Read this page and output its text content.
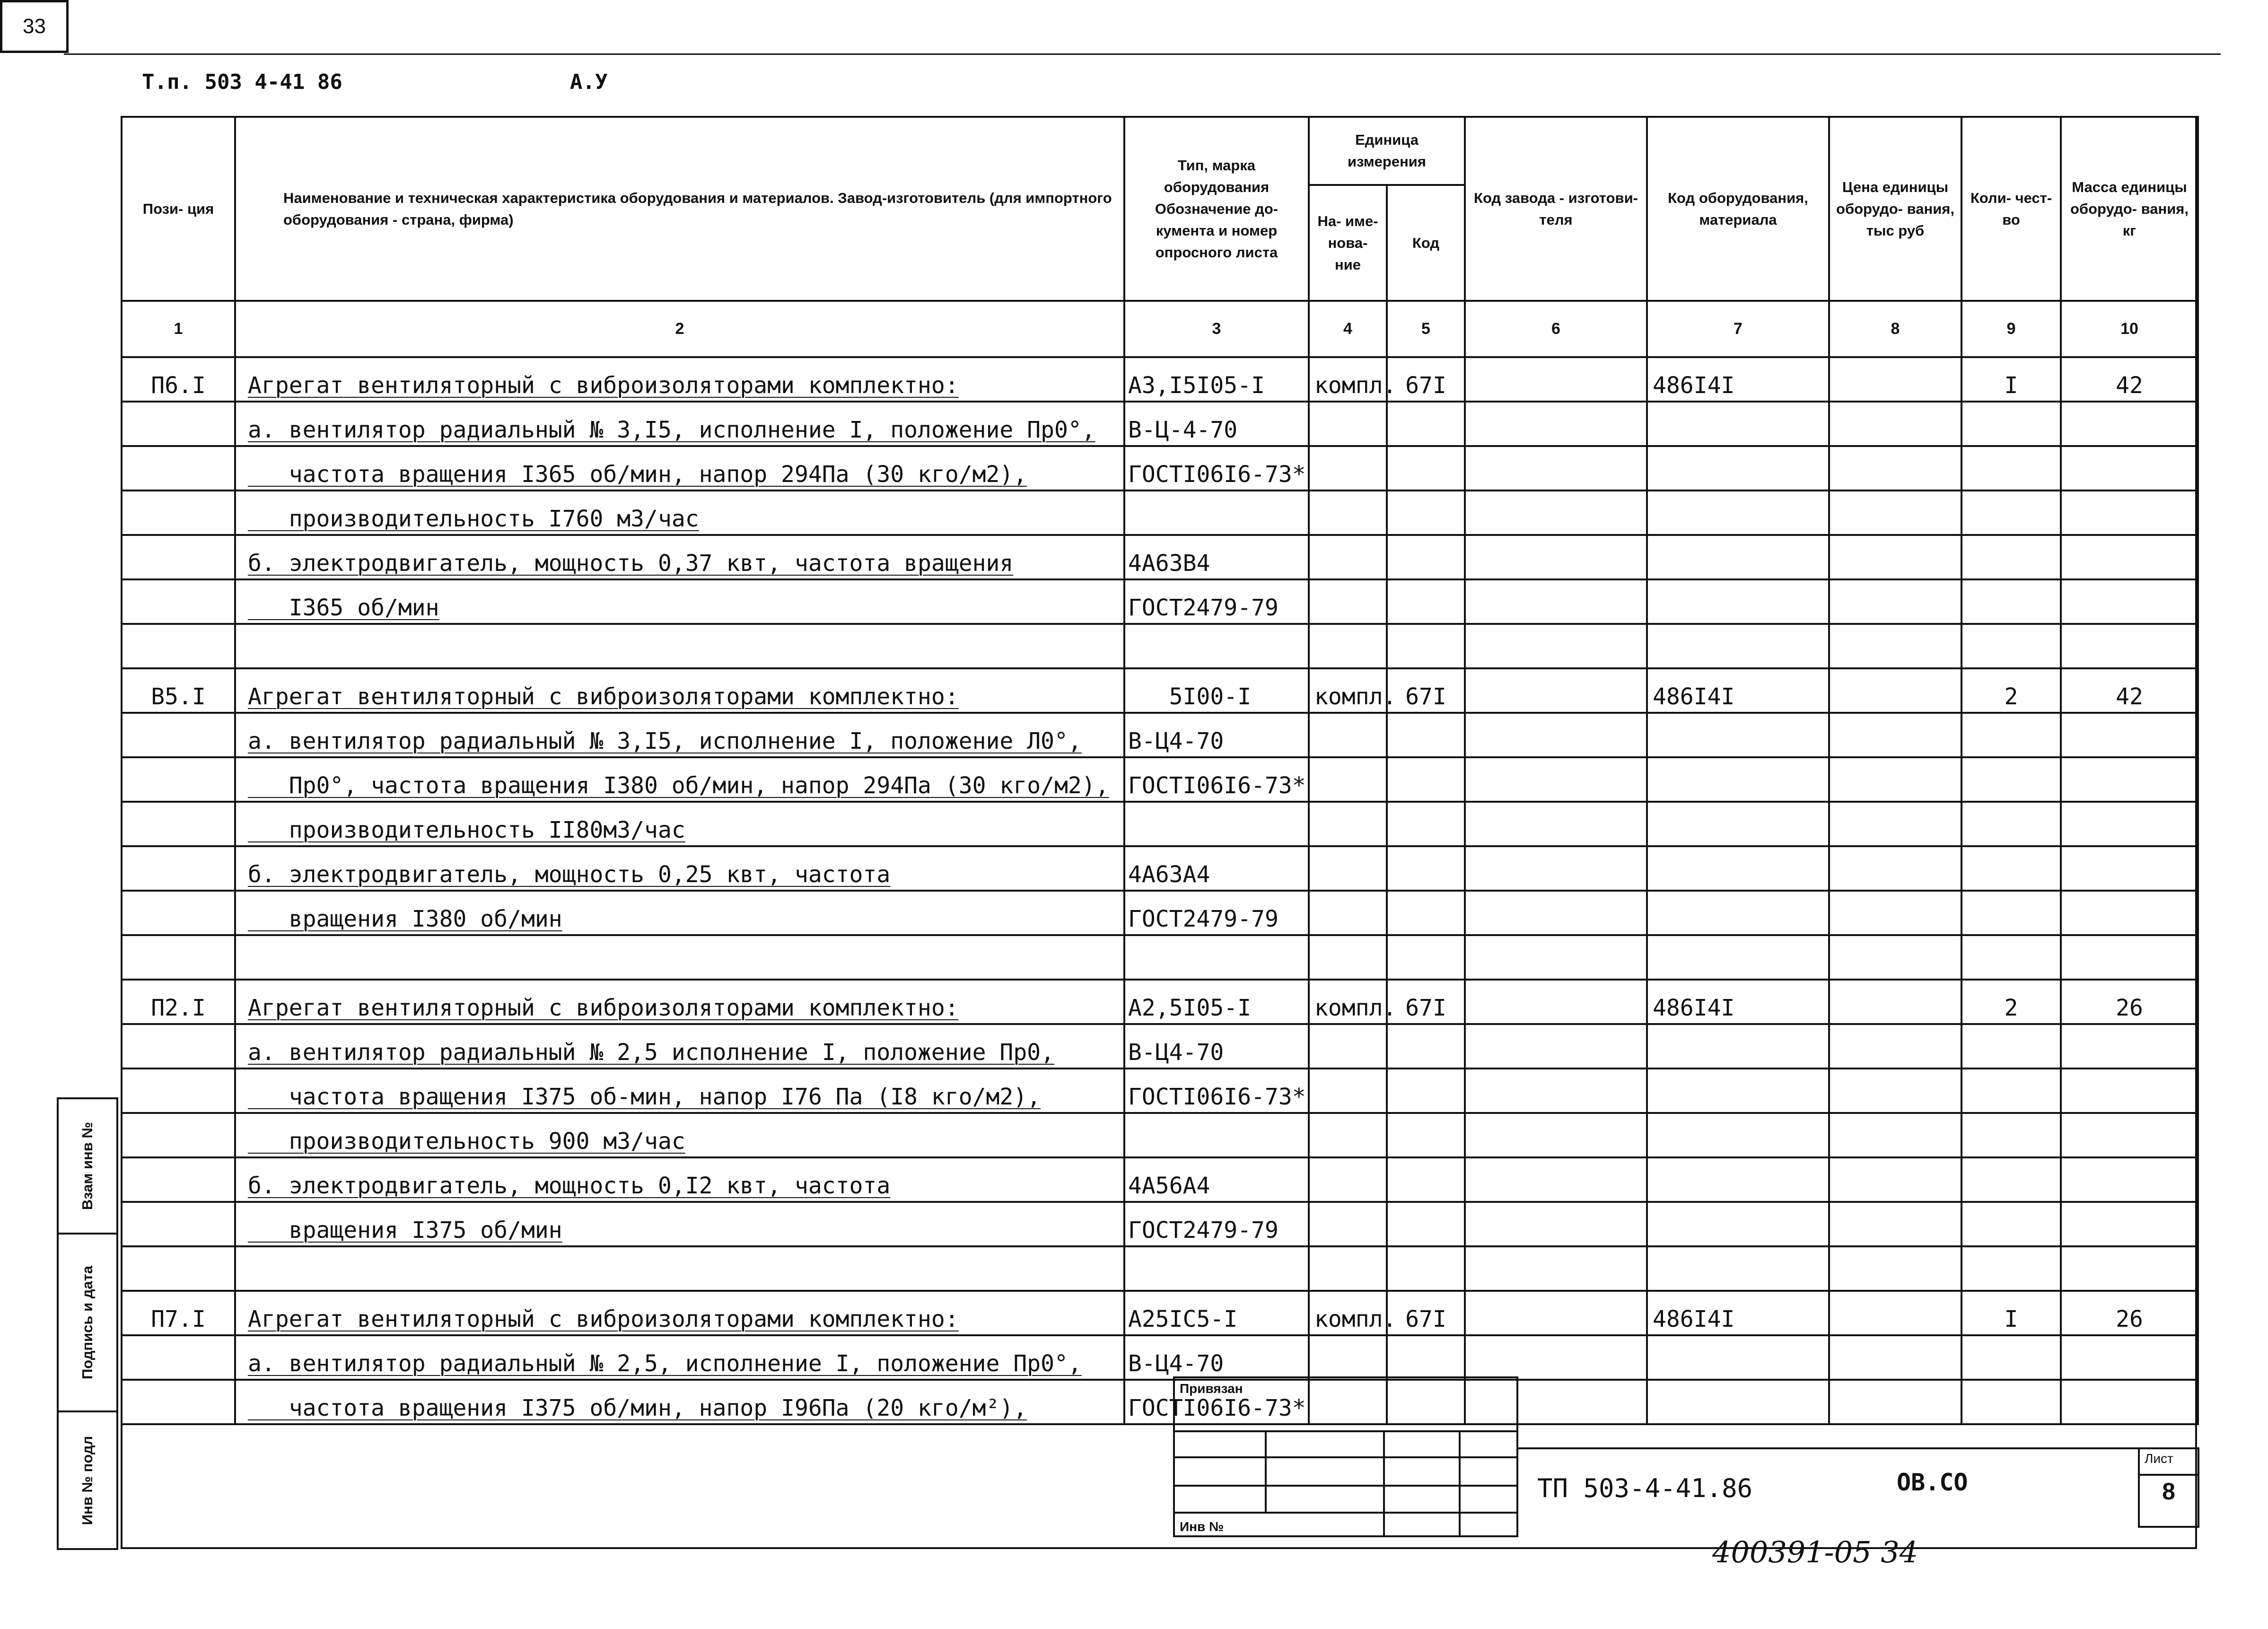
Т.п. 503 4-41 86	А.У
33
Пози- ция	Наименование и техническая характеристика оборудования и материалов. Завод-изготовитель (для импортного оборудования - страна, фирма)	Тип, марка оборудования Обозначение до- кумента и номер опросного листа	Единица измерения		Код завода - изготови- теля	Код оборудования, материала	Цена единицы оборудо- вания, тыс руб	Коли- чест- во	Масса единицы оборудо- вания, кг
			На- име- нова- ние	Код					
1	2	3	4	5	6	7	8	9	10
П6.I	Агрегат вентиляторный с виброизоляторами комплектно:	А3,I5I05-I	компл.	67I		486I4I		I	42
	а. вентилятор радиальный № 3,I5, исполнение I, положение Пр0°,	В-Ц-4-70							
	частота вращения I365 об/мин, напор 294Па (30 кго/м2),	ГОСТI06I6-73*							
	производительность I760 м3/час								
	б. электродвигатель, мощность 0,37 квт, частота вращения	4А63В4							
	I365 об/мин	ГОСТ2479-79							

В5.I	Агрегат вентиляторный с виброизоляторами комплектно:	5I00-I	компл.	67I		486I4I		2	42
	а. вентилятор радиальный № 3,I5, исполнение I, положение Л0°,	В-Ц4-70							
	Пр0°, частота вращения I380 об/мин, напор 294Па (30 кго/м2),	ГОСТI06I6-73*							
	производительность II80м3/час								
	б. электродвигатель, мощность 0,25 квт, частота	4А63А4							
	вращения I380 об/мин	ГОСТ2479-79							

П2.I	Агрегат вентиляторный с виброизоляторами комплектно:	А2,5I05-I	компл.	67I		486I4I		2	26
	а. вентилятор радиальный № 2,5 исполнение I, положение Пр0,	В-Ц4-70							
	частота вращения I375 об-мин, напор I76 Па (I8 кго/м2),	ГОСТI06I6-73*							
	производительность 900 м3/час								
	б. электродвигатель, мощность 0,I2 квт, частота	4А56А4							
	вращения I375 об/мин	ГОСТ2479-79							

П7.I	Агрегат вентиляторный с виброизоляторами комплектно:	А25IС5-I	компл.	67I		486I4I		I	26
	а. вентилятор радиальный № 2,5, исполнение I, положение Пр0°,	В-Ц4-70							
	частота вращения I375 об/мин, напор I96Па (20 кго/м²),	ГОСТI06I6-73*							
Взам инв №
Подпись и дата
Инв № подл
Привязан
Инв №
ТП 503-4-41.86	ОВ.СО
Лист
8
400391-05 34
